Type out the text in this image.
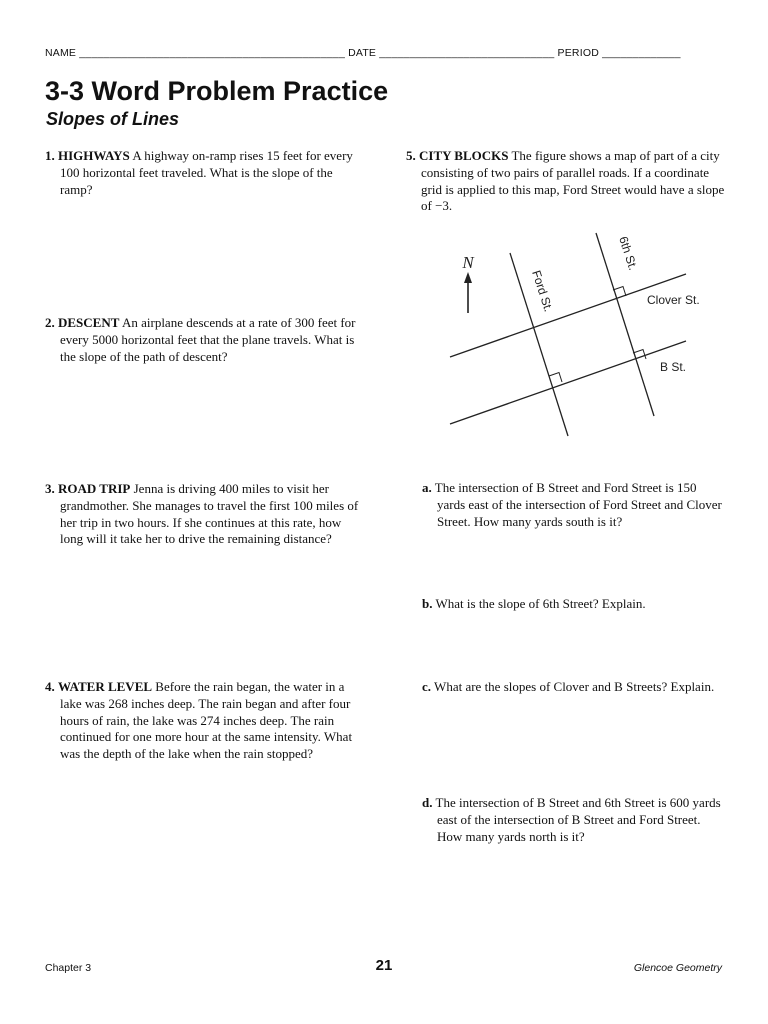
NAME ____________________________________________ DATE _____________________________ PERIOD _____________
3-3 Word Problem Practice
Slopes of Lines
1. HIGHWAYS A highway on-ramp rises 15 feet for every 100 horizontal feet traveled. What is the slope of the ramp?
2. DESCENT An airplane descends at a rate of 300 feet for every 5000 horizontal feet that the plane travels. What is the slope of the path of descent?
3. ROAD TRIP Jenna is driving 400 miles to visit her grandmother. She manages to travel the first 100 miles of her trip in two hours. If she continues at this rate, how long will it take her to drive the remaining distance?
4. WATER LEVEL Before the rain began, the water in a lake was 268 inches deep. The rain began and after four hours of rain, the lake was 274 inches deep. The rain continued for one more hour at the same intensity. What was the depth of the lake when the rain stopped?
5. CITY BLOCKS The figure shows a map of part of a city consisting of two pairs of parallel roads. If a coordinate grid is applied to this map, Ford Street would have a slope of −3.
N
Ford St.
6th St.
Clover St.
B St.
a. The intersection of B Street and Ford Street is 150 yards east of the intersection of Ford Street and Clover Street. How many yards south is it?
b. What is the slope of 6th Street? Explain.
c. What are the slopes of Clover and B Streets? Explain.
d. The intersection of B Street and 6th Street is 600 yards east of the intersection of B Street and Ford Street. How many yards north is it?
Chapter 3	21	Glencoe Geometry
